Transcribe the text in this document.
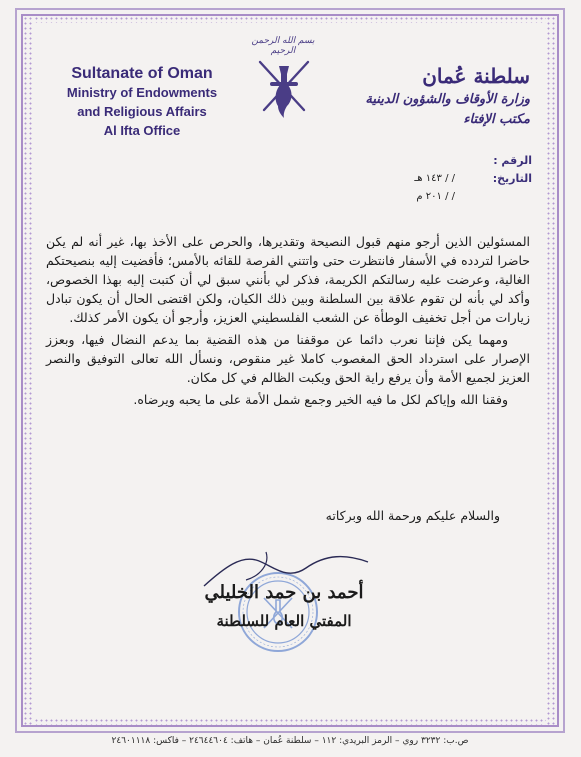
Sultanate of Oman
Ministry of Endowments
and Religious Affairs
Al Ifta Office
بسم الله الرحمن الرحيم
سلطنة عُمان
وزارة الأوقاف والشؤون الدينية
مكتب الإفتاء
الرقم :
التاريخ:
/ / ١٤٣ هـ
/ / ٢٠١ م

المسئولين الذين أرجو منهم قبول النصيحة وتقديرها، والحرص على الأخذ بها، غير أنه لم يكن حاضرا لتردده في الأسفار فانتظرت حتى واتتني الفرصة للقائه بالأمس؛ فأفضيت إليه بنصيحتكم الغالية، وعرضت عليه رسالتكم الكريمة، فذكر لي بأنني سبق لي أن كتبت إليه بهذا الخصوص، وأكد لي بأنه لن تقوم علاقة بين السلطنة وبين ذلك الكيان، ولكن اقتضى الحال أن يكون تبادل زيارات من أجل تخفيف الوطأة عن الشعب الفلسطيني العزيز، وأرجو أن يكون الأمر كذلك.

ومهما يكن فإننا نعرب دائما عن موقفنا من هذه القضية بما يدعم النضال فيها، وبعزز الإصرار على استرداد الحق المغصوب كاملا غير منقوص، ونسأل الله تعالى التوفيق والنصر العزيز لجميع الأمة وأن يرفع راية الحق ويكبت الظالم في كل مكان.

وفقنا الله وإياكم لكل ما فيه الخير وجمع شمل الأمة على ما يحبه ويرضاه.

والسلام عليكم ورحمة الله وبركاته
أحمد بن حمد الخليلي
المفتي العام للسلطنة
ص.ب: ٣٢٣٢ روي – الرمز البريدي: ١١٢ – سلطنة عُمان – هاتف: ٢٤٦٤٤٦٠٤ – فاكس: ٢٤٦٠١١١٨
